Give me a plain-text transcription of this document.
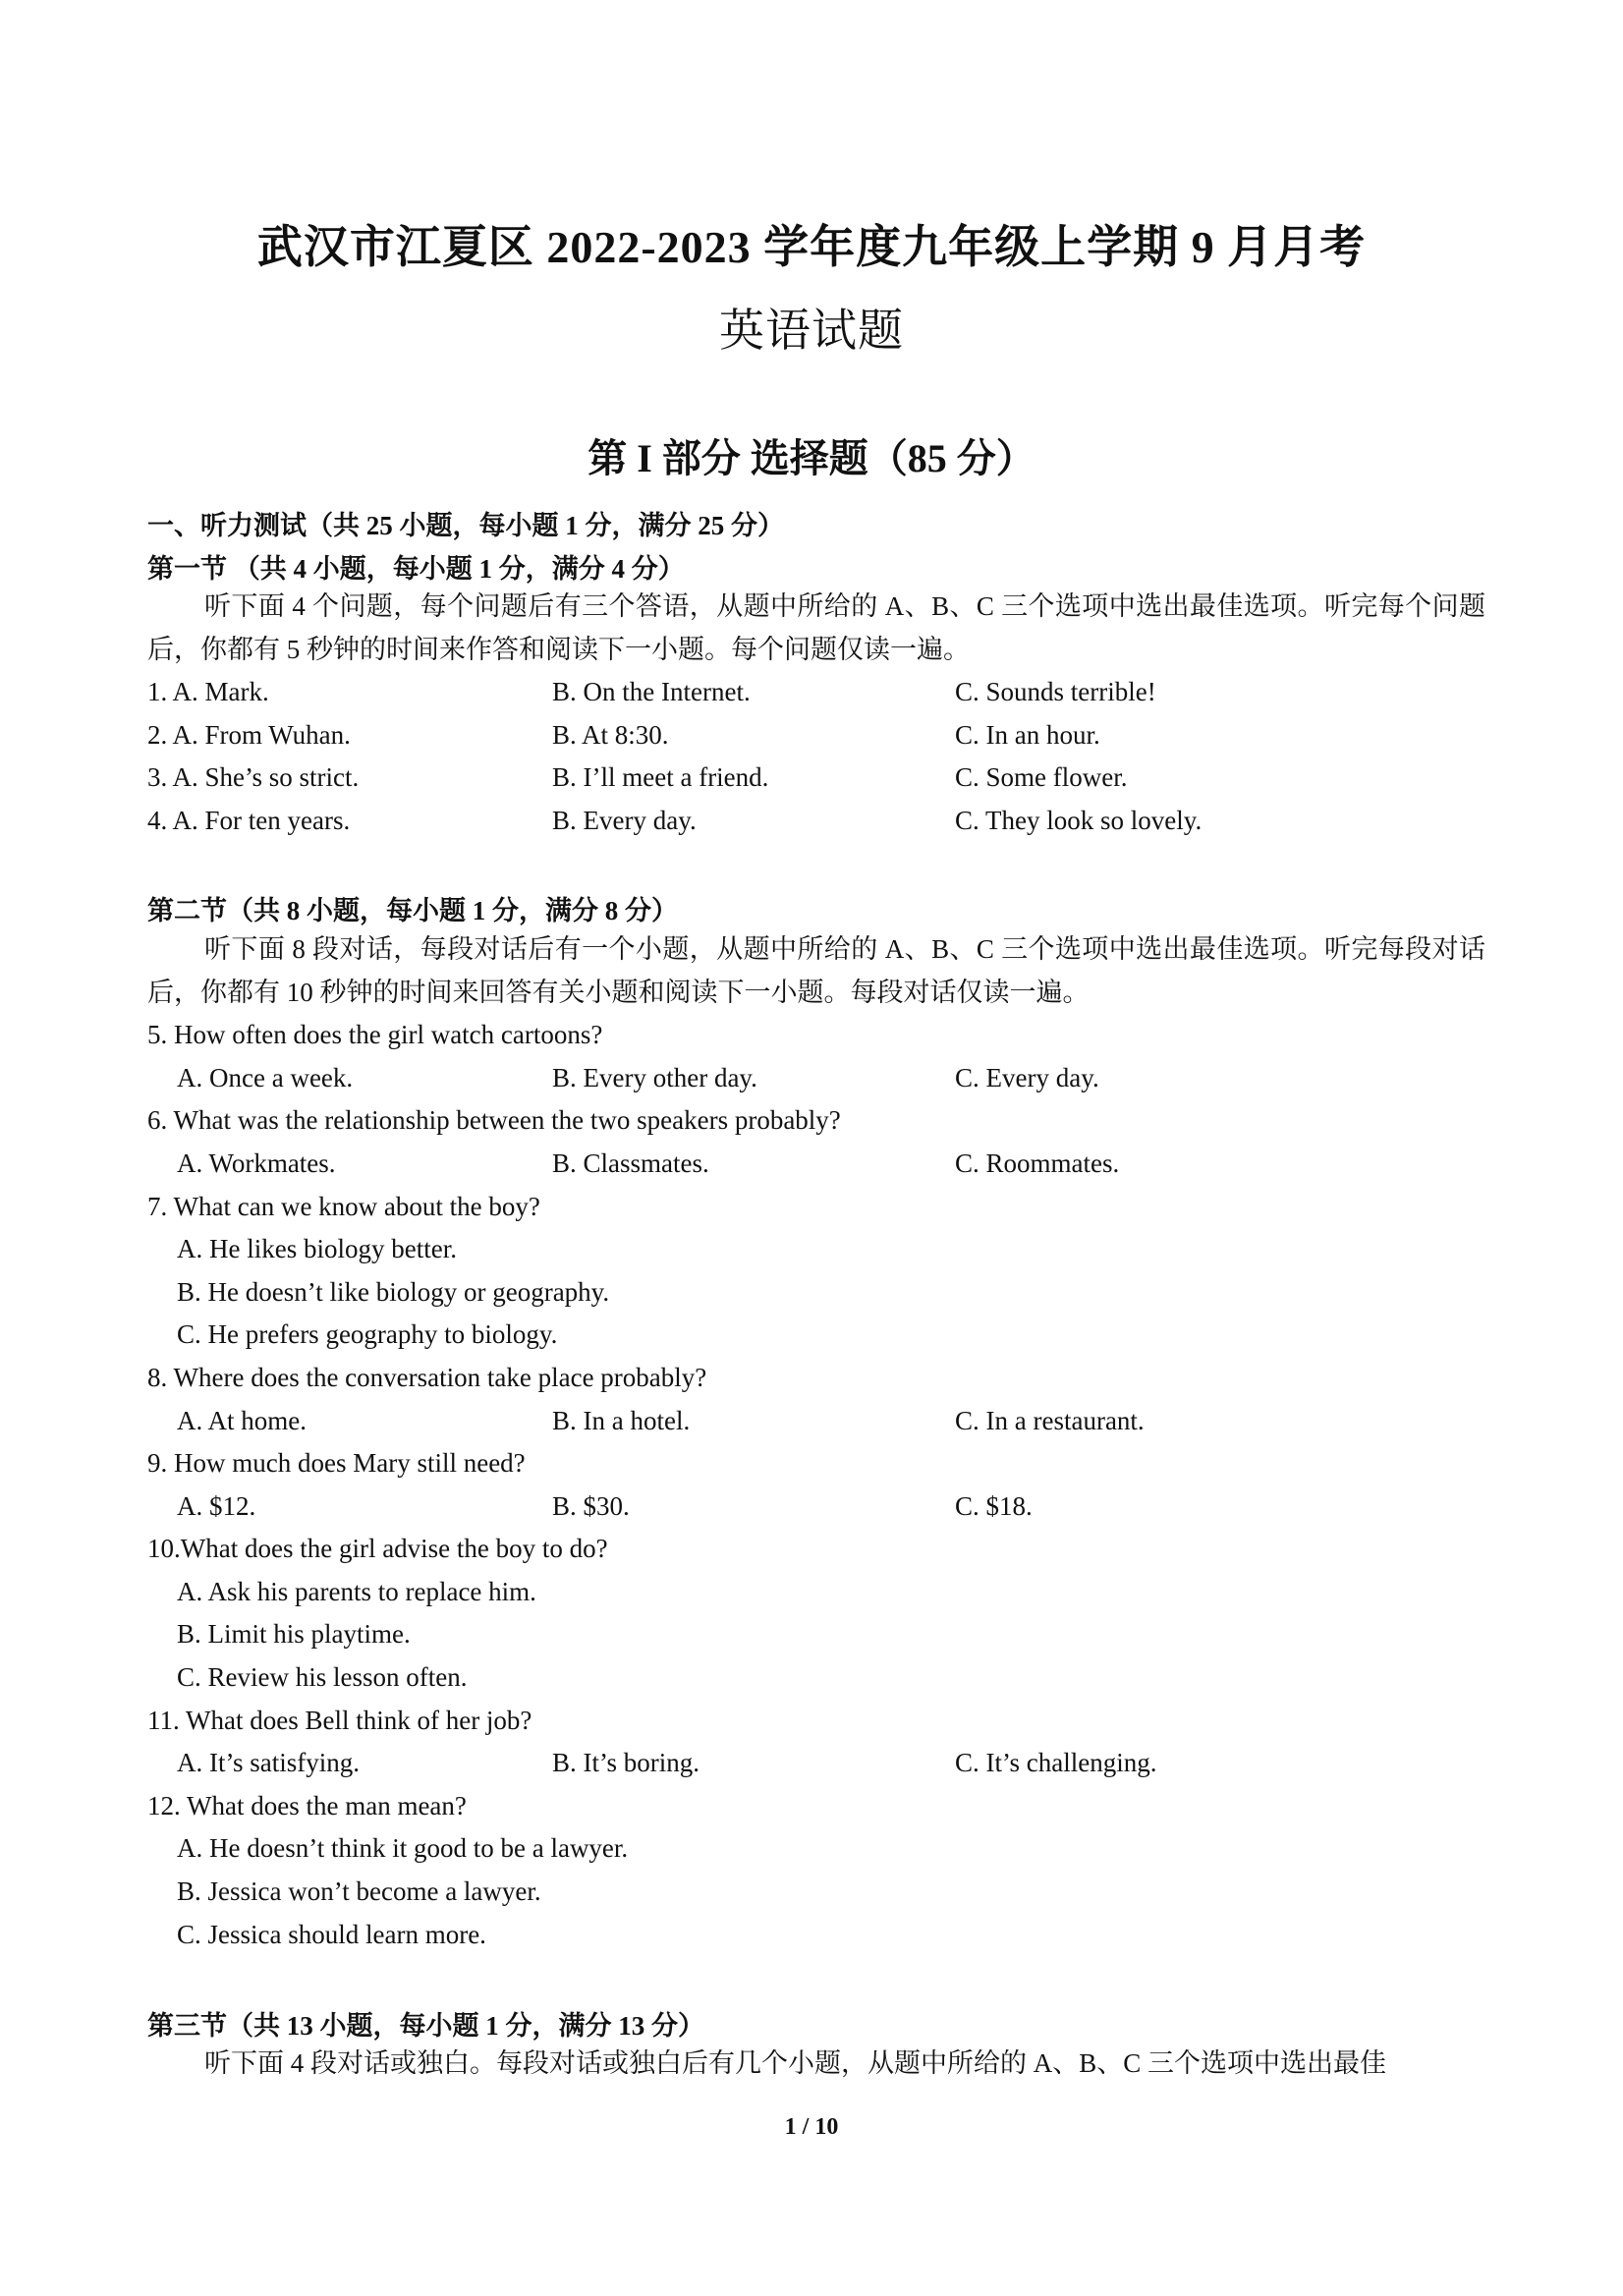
武汉市江夏区 2022-2023 学年度九年级上学期 9 月月考
英语试题
第 I 部分 选择题（85 分）
一、听力测试（共 25 小题，每小题 1 分，满分 25 分）
第一节 （共 4 小题，每小题 1 分，满分 4 分）
听下面 4 个问题，每个问题后有三个答语，从题中所给的 A、B、C 三个选项中选出最佳选项。听完每个问题后，你都有 5 秒钟的时间来作答和阅读下一小题。每个问题仅读一遍。
1. A. Mark.	B. On the Internet.	C. Sounds terrible!
2. A. From Wuhan.	B. At 8:30.	C. In an hour.
3. A. She’s so strict.	B. I’ll meet a friend.	C. Some flower.
4. A. For ten years.	B. Every day.	C. They look so lovely.
第二节（共 8 小题，每小题 1 分，满分 8 分）
听下面 8 段对话，每段对话后有一个小题，从题中所给的 A、B、C 三个选项中选出最佳选项。听完每段对话后，你都有 10 秒钟的时间来回答有关小题和阅读下一小题。每段对话仅读一遍。
5. How often does the girl watch cartoons?
A. Once a week.	B. Every other day.	C. Every day.
6. What was the relationship between the two speakers probably?
A. Workmates.	B. Classmates.	C. Roommates.
7. What can we know about the boy?
A. He likes biology better.
B. He doesn’t like biology or geography.
C. He prefers geography to biology.
8. Where does the conversation take place probably?
A. At home.	B. In a hotel.	C. In a restaurant.
9. How much does Mary still need?
A. $12.	B. $30.	C. $18.
10.What does the girl advise the boy to do?
A. Ask his parents to replace him.
B. Limit his playtime.
C. Review his lesson often.
11. What does Bell think of her job?
A. It’s satisfying.	B. It’s boring.	C. It’s challenging.
12. What does the man mean?
A. He doesn’t think it good to be a lawyer.
B. Jessica won’t become a lawyer.
C. Jessica should learn more.
第三节（共 13 小题，每小题 1 分，满分 13 分）
听下面 4 段对话或独白。每段对话或独白后有几个小题，从题中所给的 A、B、C 三个选项中选出最佳
1 / 10
